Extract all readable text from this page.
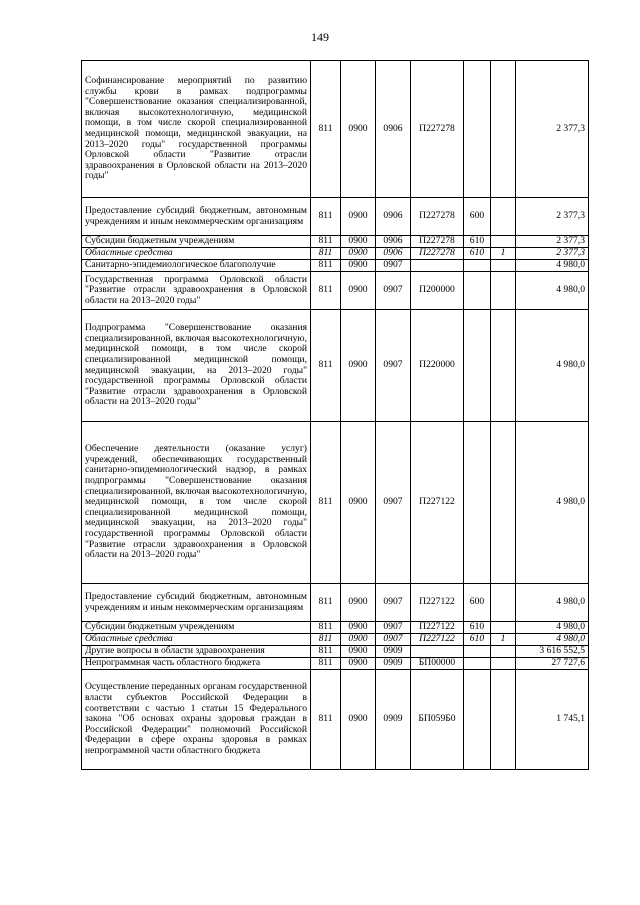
149
Софинансирование мероприятий по развитию службы крови в рамках подпрограммы "Совершенствование оказания специализированной, включая высокотехнологичную, медицинской помощи, в том числе скорой специализированной медицинской помощи, медицинской эвакуации, на 2013–2020 годы" государственной программы Орловской области "Развитие отрасли здравоохранения в Орловской области на 2013–2020 годы"	811	0900	0906	П227278			2 377,3
Предоставление субсидий бюджетным, автономным учреждениям и иным некоммерческим организациям	811	0900	0906	П227278	600		2 377,3
Субсидии бюджетным учреждениям	811	0900	0906	П227278	610		2 377,3
Областные средства	811	0900	0906	П227278	610	1	2 377,3
Санитарно-эпидемиологическое благополучие	811	0900	0907				4 980,0
Государственная программа Орловской области "Развитие отрасли здравоохранения в Орловской области на 2013–2020 годы"	811	0900	0907	П200000			4 980,0
Подпрограмма "Совершенствование оказания специализированной, включая высокотехнологичную, медицинской помощи, в том числе скорой специализированной медицинской помощи, медицинской эвакуации, на 2013–2020 годы" государственной программы Орловской области "Развитие отрасли здравоохранения в Орловской области на 2013–2020 годы"	811	0900	0907	П220000			4 980,0
Обеспечение деятельности (оказание услуг) учреждений, обеспечивающих государственный санитарно-эпидемиологический надзор, в рамках подпрограммы "Совершенствование оказания специализированной, включая высокотехнологичную, медицинской помощи, в том числе скорой специализированной медицинской помощи, медицинской эвакуации, на 2013–2020 годы" государственной программы Орловской области "Развитие отрасли здравоохранения в Орловской области на 2013–2020 годы"	811	0900	0907	П227122			4 980,0
Предоставление субсидий бюджетным, автономным учреждениям и иным некоммерческим организациям	811	0900	0907	П227122	600		4 980,0
Субсидии бюджетным учреждениям	811	0900	0907	П227122	610		4 980,0
Областные средства	811	0900	0907	П227122	610	1	4 980,0
Другие вопросы в области здравоохранения	811	0900	0909				3 616 552,5
Непрограммная часть областного бюджета	811	0900	0909	БП00000			27 727,6
Осуществление переданных органам государственной власти субъектов Российской Федерации в соответствии с частью 1 статьи 15 Федерального закона "Об основах охраны здоровья граждан в Российской Федерации" полномочий Российской Федерации в сфере охраны здоровья в рамках непрограммной части областного бюджета	811	0900	0909	БП059Б0			1 745,1
